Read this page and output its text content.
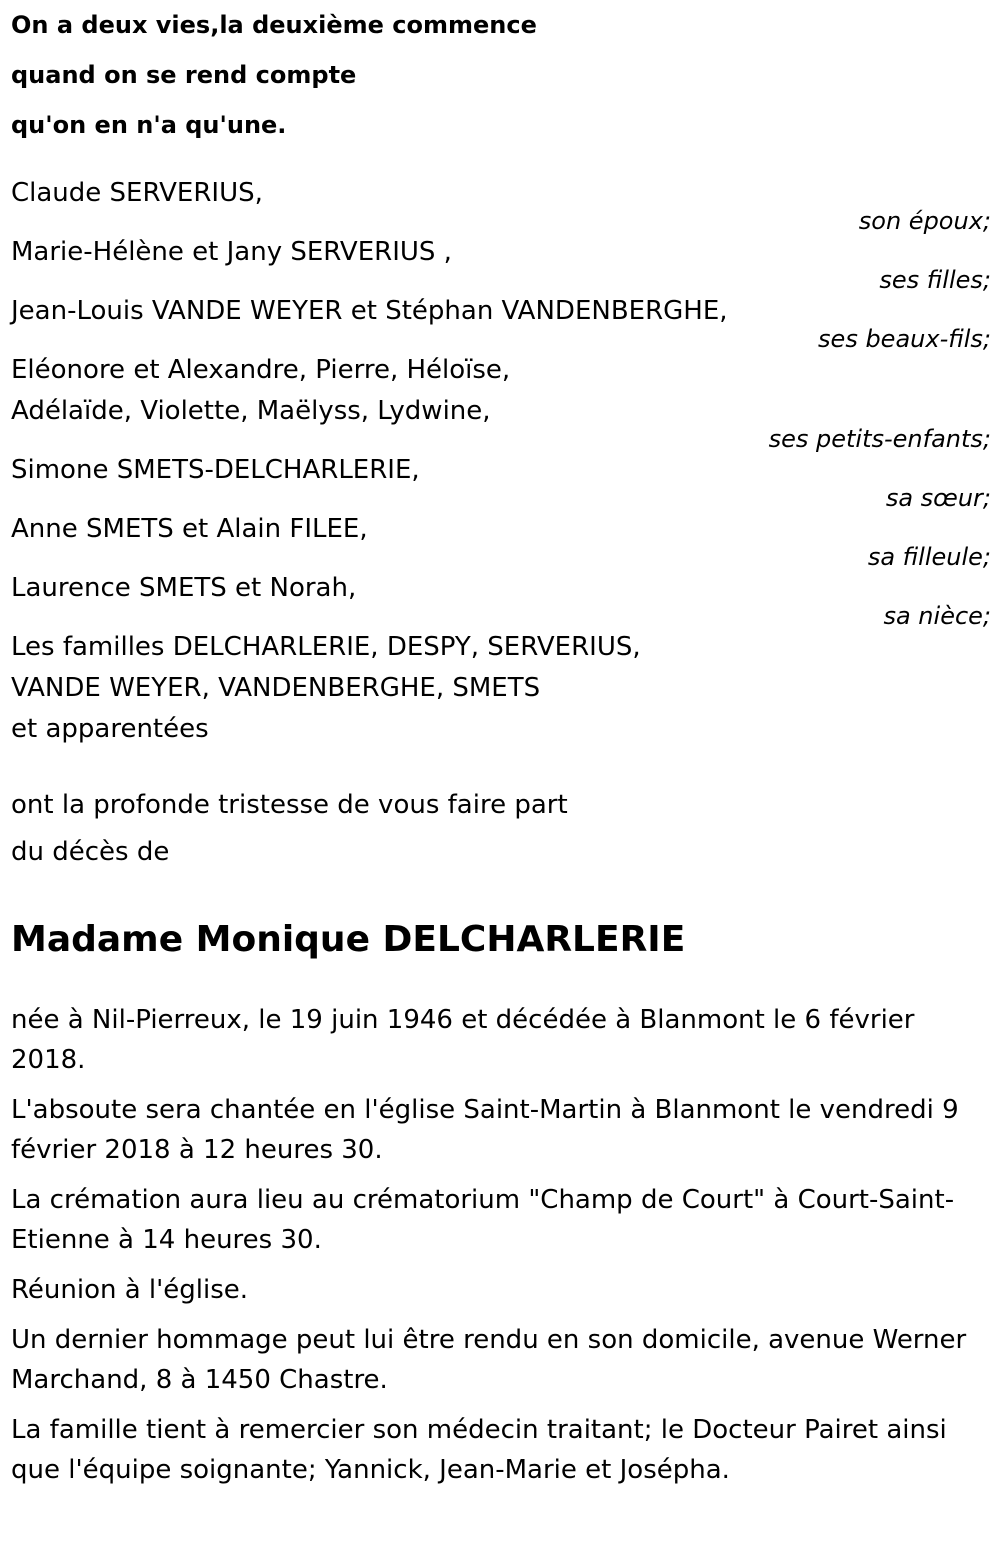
On a deux vies,la deuxième commence
quand on se rend compte
qu'on en n'a qu'une.
Claude SERVERIUS,
son époux;
Marie-Hélène et Jany SERVERIUS ,
ses filles;
Jean-Louis VANDE WEYER et Stéphan VANDENBERGHE,
ses beaux-fils;
Eléonore et Alexandre, Pierre, Héloïse,
Adélaïde, Violette, Maëlyss, Lydwine,
ses petits-enfants;
Simone SMETS-DELCHARLERIE,
sa sœur;
Anne SMETS et Alain FILEE,
sa filleule;
Laurence SMETS et Norah,
sa nièce;
Les familles DELCHARLERIE, DESPY, SERVERIUS,
VANDE WEYER, VANDENBERGHE, SMETS
et apparentées
ont la profonde tristesse de vous faire part
du décès de
Madame Monique DELCHARLERIE

née à Nil-Pierreux, le 19 juin 1946 et décédée à Blanmont le 6 février 2018.

L'absoute sera chantée en l'église Saint-Martin à Blanmont le vendredi 9 février 2018 à 12 heures 30.

La crémation aura lieu au crématorium "Champ de Court" à Court-Saint-Etienne à 14 heures 30.

Réunion à l'église.

Un dernier hommage peut lui être rendu en son domicile, avenue Werner Marchand, 8 à 1450 Chastre.

La famille tient à remercier son médecin traitant; le Docteur Pairet ainsi que l'équipe soignante; Yannick, Jean-Marie et Josépha.
